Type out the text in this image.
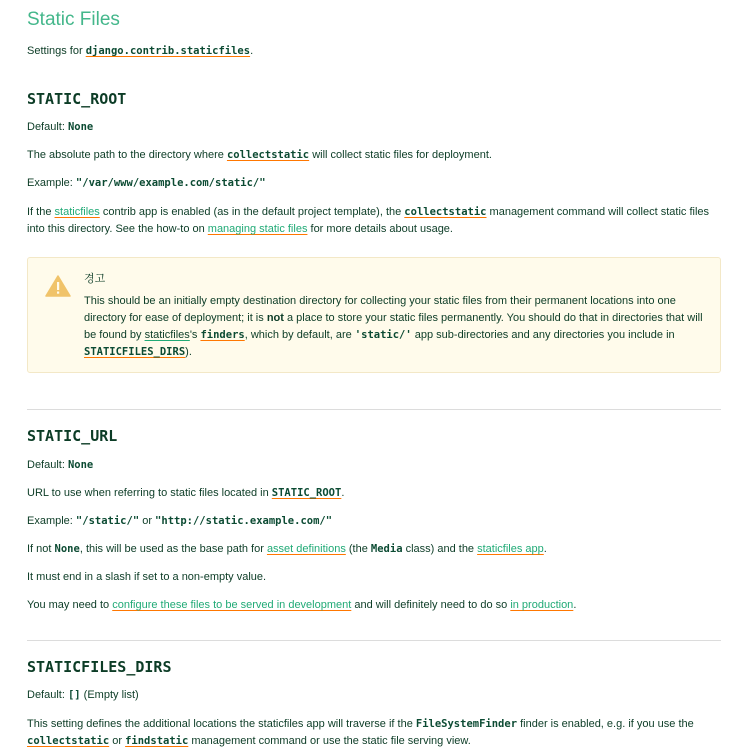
Static Files

Settings for django.contrib.staticfiles.

STATIC_ROOT

Default: None

The absolute path to the directory where collectstatic will collect static files for deployment.

Example: "/var/www/example.com/static/"

If the staticfiles contrib app is enabled (as in the default project template), the collectstatic management command will collect static files into this directory. See the how-to on managing static files for more details about usage.

경고

This should be an initially empty destination directory for collecting your static files from their permanent locations into one directory for ease of deployment; it is not a place to store your static files permanently. You should do that in directories that will be found by staticfiles's finders, which by default, are 'static/' app sub-directories and any directories you include in STATICFILES_DIRS).

STATIC_URL

Default: None

URL to use when referring to static files located in STATIC_ROOT.

Example: "/static/" or "http://static.example.com/"

If not None, this will be used as the base path for asset definitions (the Media class) and the staticfiles app.

It must end in a slash if set to a non-empty value.

You may need to configure these files to be served in development and will definitely need to do so in production.

STATICFILES_DIRS

Default: [] (Empty list)

This setting defines the additional locations the staticfiles app will traverse if the FileSystemFinder finder is enabled, e.g. if you use the collectstatic or findstatic management command or use the static file serving view.
